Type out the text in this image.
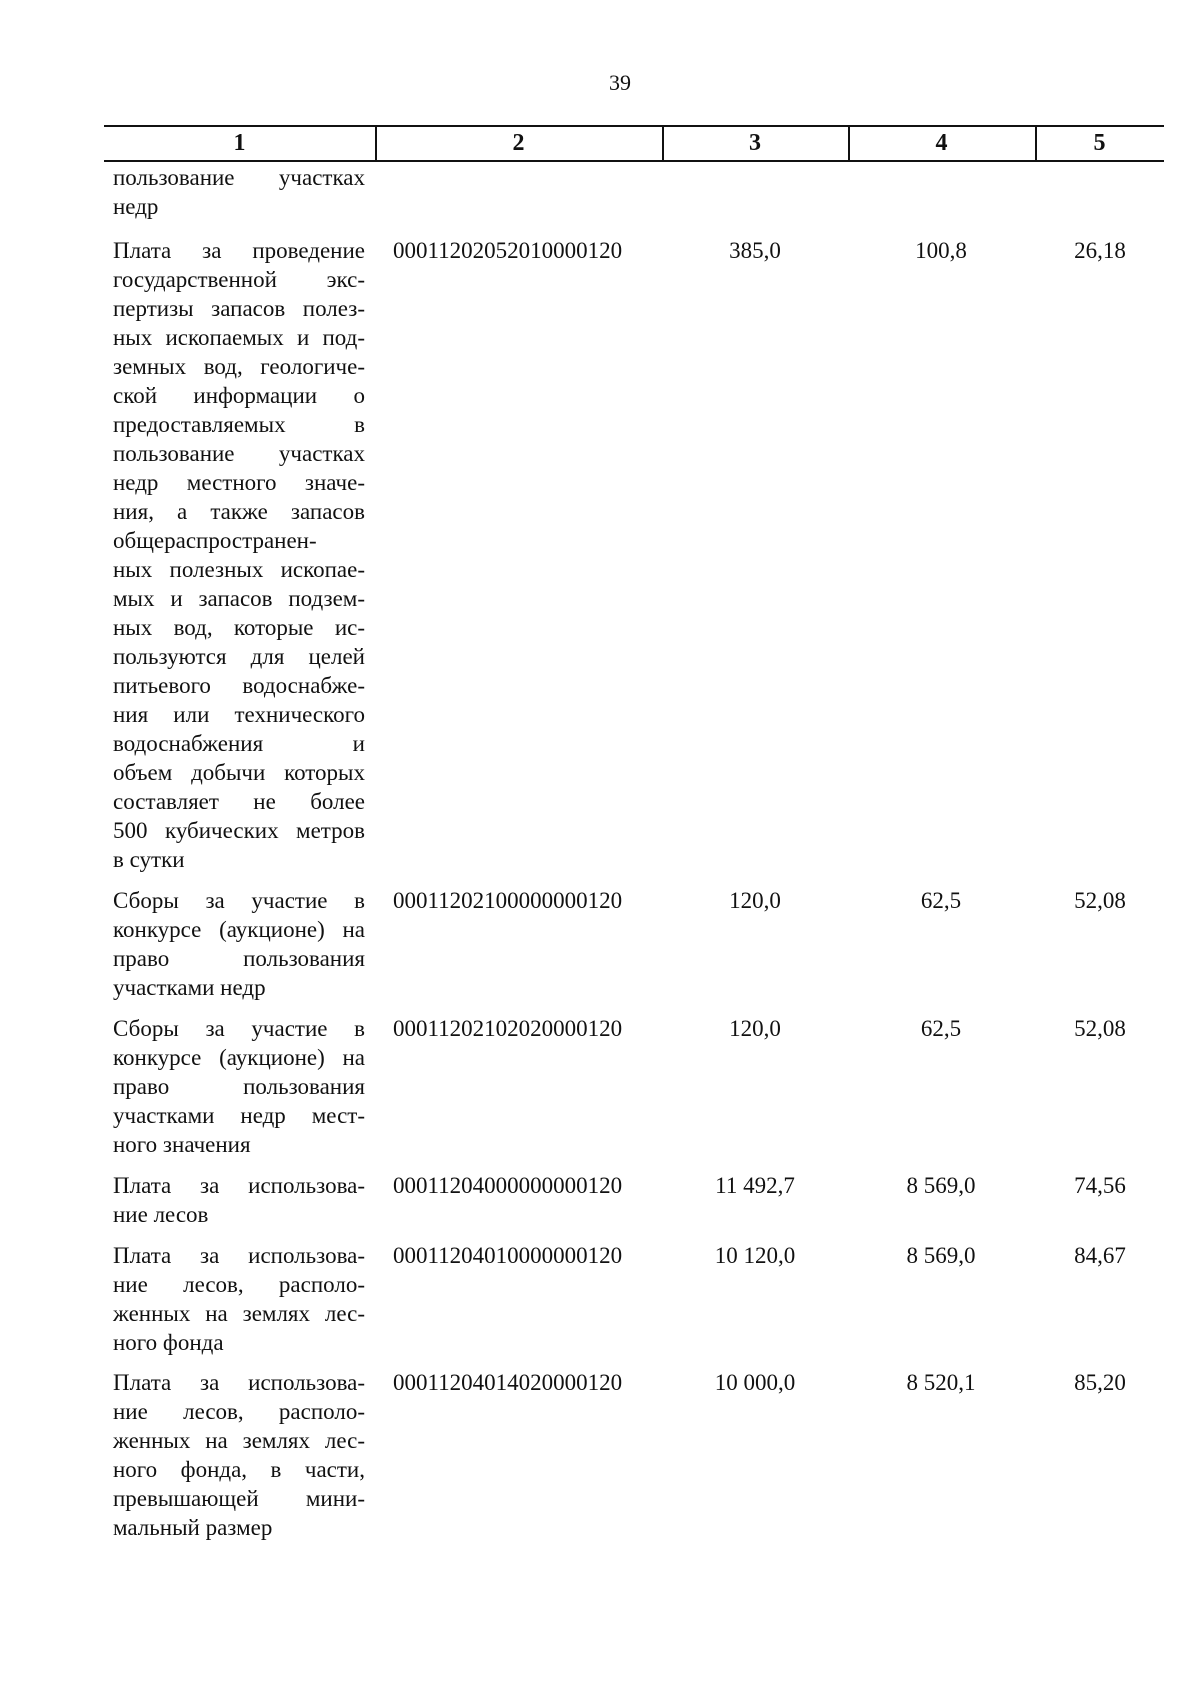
39
1	2	3	4	5
пользование участках
недр
Плата за проведение
государственной экс-
пертизы запасов полез-
ных ископаемых и под-
земных вод, геологиче-
ской информации о
предоставляемых в
пользование участках
недр местного значе-
ния, а также запасов
общераспространен-
ных полезных ископае-
мых и запасов подзем-
ных вод, которые ис-
пользуются для целей
питьевого водоснабже-
ния или технического
водоснабжения и
объем добычи которых
составляет не более
500 кубических метров
в сутки
00011202052010000120	385,0	100,8	26,18
Сборы за участие в
конкурсе (аукционе) на
право пользования
участками недр
00011202100000000120	120,0	62,5	52,08
Сборы за участие в
конкурсе (аукционе) на
право пользования
участками недр мест-
ного значения
00011202102020000120	120,0	62,5	52,08
Плата за использова-
ние лесов
00011204000000000120	11 492,7	8 569,0	74,56
Плата за использова-
ние лесов, располо-
женных на землях лес-
ного фонда
00011204010000000120	10 120,0	8 569,0	84,67
Плата за использова-
ние лесов, располо-
женных на землях лес-
ного фонда, в части,
превышающей мини-
мальный размер
00011204014020000120	10 000,0	8 520,1	85,20
